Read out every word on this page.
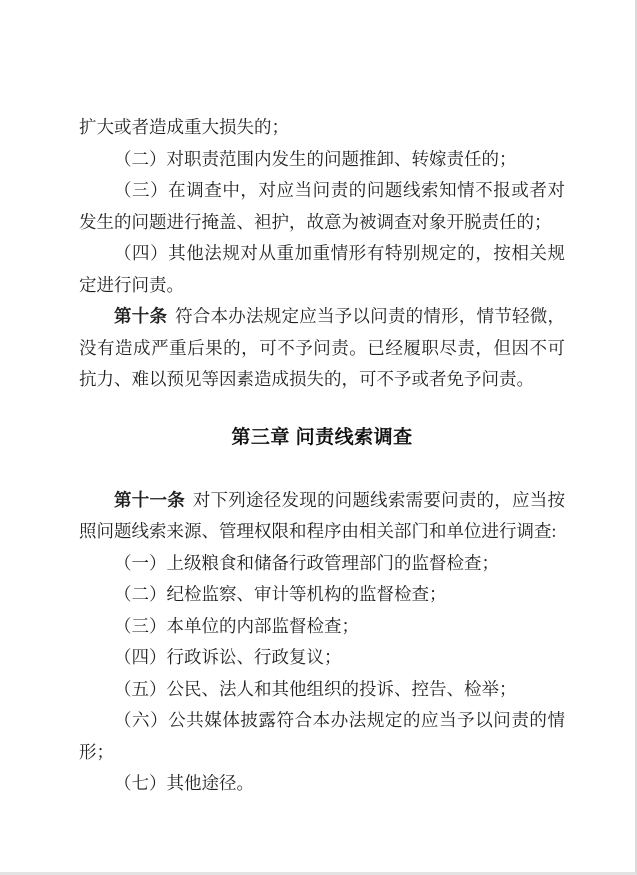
扩大或者造成重大损失的；

（二）对职责范围内发生的问题推卸、转嫁责任的；

（三）在调查中，对应当问责的问题线索知情不报或者对发生的问题进行掩盖、袒护，故意为被调查对象开脱责任的；

（四）其他法规对从重加重情形有特别规定的，按相关规定进行问责。

第十条 符合本办法规定应当予以问责的情形，情节轻微，没有造成严重后果的，可不予问责。已经履职尽责，但因不可抗力、难以预见等因素造成损失的，可不予或者免予问责。

第三章 问责线索调查

第十一条 对下列途径发现的问题线索需要问责的，应当按照问题线索来源、管理权限和程序由相关部门和单位进行调查:

（一）上级粮食和储备行政管理部门的监督检查；

（二）纪检监察、审计等机构的监督检查；

（三）本单位的内部监督检查；

（四）行政诉讼、行政复议；

（五）公民、法人和其他组织的投诉、控告、检举；

（六）公共媒体披露符合本办法规定的应当予以问责的情形；

（七）其他途径。
